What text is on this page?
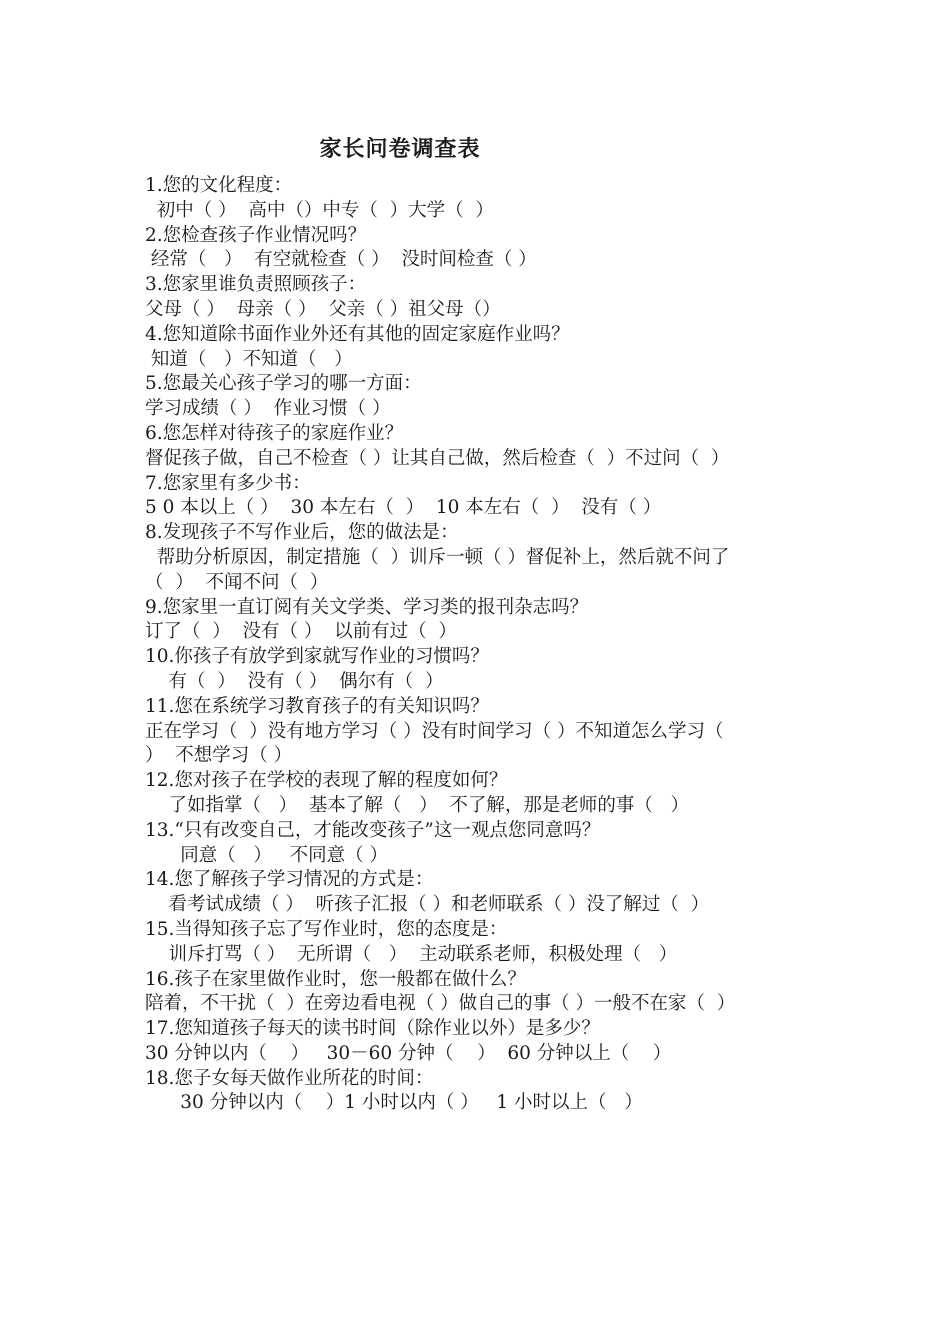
家长问卷调查表
1.您的文化程度：
初中（ ）  高中（）中专（  ）大学（  ）
2.您检查孩子作业情况吗？
经常（   ）  有空就检查（ ）  没时间检查（ ）
3.您家里谁负责照顾孩子：
父母（ ）  母亲（ ）  父亲（ ）祖父母（）
4.您知道除书面作业外还有其他的固定家庭作业吗？
知道（   ）不知道（   ）
5.您最关心孩子学习的哪一方面：
学习成绩（ ）  作业习惯（ ）
6.您怎样对待孩子的家庭作业？
督促孩子做，自己不检查（ ）让其自己做，然后检查（  ）不过问（  ）
7.您家里有多少书：
5 0 本以上（ ）  30 本左右（  ）  10 本左右（  ）  没有（ ）
8.发现孩子不写作业后，您的做法是：
帮助分析原因，制定措施（  ）训斥一顿（ ）督促补上，然后就不问了
（  ）  不闻不问（  ）
9.您家里一直订阅有关文学类、学习类的报刊杂志吗？
订了（  ）  没有（ ）  以前有过（  ）
10.你孩子有放学到家就写作业的习惯吗？
有（  ）  没有（ ）  偶尔有（  ）
11.您在系统学习教育孩子的有关知识吗？
正在学习（  ）没有地方学习（ ）没有时间学习（ ）不知道怎么学习（
）  不想学习（ ）
12.您对孩子在学校的表现了解的程度如何？
了如指掌（   ）  基本了解（   ）  不了解，那是老师的事（   ）
13.“只有改变自己，才能改变孩子”这一观点您同意吗？
同意（   ）   不同意（ ）
14.您了解孩子学习情况的方式是：
看考试成绩（ ）  听孩子汇报（ ）和老师联系（ ）没了解过（  ）
15.当得知孩子忘了写作业时，您的态度是：
训斥打骂（ ）  无所谓（   ）  主动联系老师，积极处理（   ）
16.孩子在家里做作业时，您一般都在做什么？
陪着，不干扰（  ）在旁边看电视（ ）做自己的事（ ）一般不在家（  ）
17.您知道孩子每天的读书时间（除作业以外）是多少？
30 分钟以内（    ）   30－60 分钟（    ）  60 分钟以上（    ）
18.您子女每天做作业所花的时间：
30 分钟以内（    ）1 小时以内（ ）   1 小时以上（   ）
